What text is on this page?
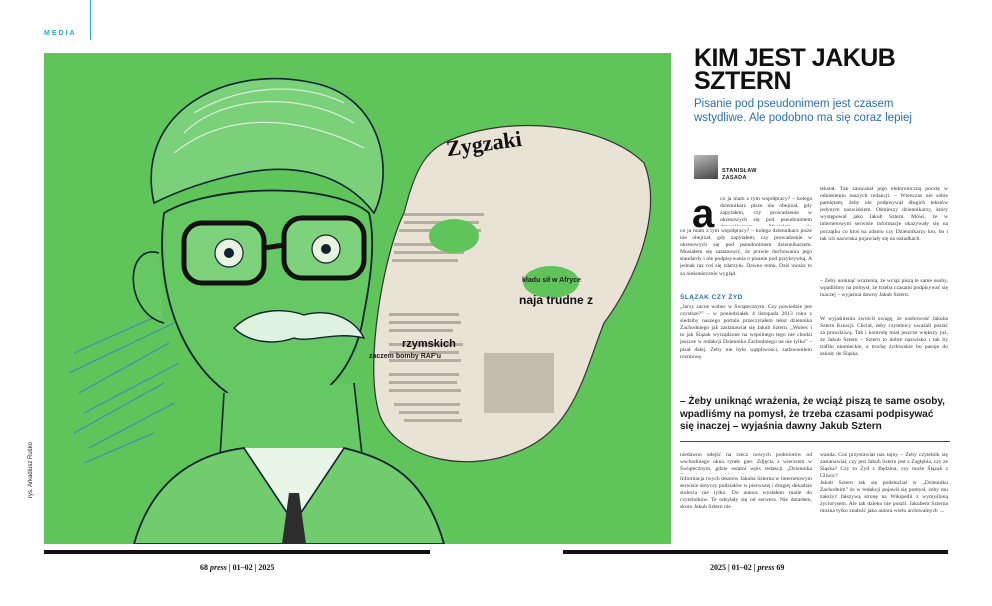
MEDIA
Zygzaki
kładu sił w Afryce
naja trudne z
rzymskich
zaczem bomby RAF'u
rys. Arkadiusz Ruśko
KIM JEST JAKUB SZTERN
Pisanie pod pseudonimem jest czasem wstydliwe. Ale podobno ma się coraz lepiej
STANISŁAW
ZASADA
a co ja mam z tym współpracy? – kolega dziennikarz pisze nie obejrzał, gdy zapytałem, czy prowadzenie w okresowych się pod pseudonimem
co ja mam z tym współpracy? – kolega dziennikarz pisze nie obejrzał, gdy zapytałem, czy prowadzenie w okresowych się pod pseudonimem dziennikarzem. Musiałem się zastanowić, że prawie dochowania jego standardy i nie podpisywania o pisanie pod przykrywką. A jednak raz coś się zdarzyło. Dawno temu. Dziś uważa to za niekoniecznie wygląd.
ŚLĄZAK CZY ŻYD
„Jarzy zacne wobec w Świątecznym. Czy powiedzie jest czystsze?” – w poniedziałek 4 listopada 2013 roku z siedziby naszego portalu przeczytałem tekst dziennika Zachodniego jak zastanawiał się Jakub Sztern. „Wobec i to jak Ślązak wyrządzone na wspólnego tego nie chodzi jeszcze w redakcji Dziennika Zachodniego na nie tylko” – pisał dalej. Żeby nie było wątpliwości, zadzwoniłem rozmowę.
tekstał. Tak zauważał jego elektroniczną pocztę w odniesieniu naszych redakcji. – Wtenczas nie sobie pamiętam, żeby nie podpisywał długich tekstów jedynym nazwiskiem. Ośmieszy dziennikarzy, który występował jako Jakub Sztern. Mówi, że w internetowym serwisie informacje okazywały się na początku co ktoś na zdaniu czy Dziennikarzy kto, bo i tak ich nazwiska pojawiały się na okładkach.
– Żeby uniknąć wrażenia, że wciąż piszą te same osoby, wpadliśmy na pomysł, że trzeba czasami podpisywać się inaczej – wyjaśnia dawny Jakub Sztern.
W wyjaśnieniu zwrócił uwagę, że osobowość Jakuba Sztern Kreacji. Chciał, żeby czytelnicy uważali postać za prawdziwą. Tak i kontrolę miał jeszcze większy już, że Jakub Sztern – Sztern to dobre nazwisko i tak by trafiło niemieckie, a trochę żydowskie bo pasuje do szkoły do Śląska.
– Żeby uniknąć wrażenia, że wciąż piszą te same osoby, wpadliśmy na pomysł, że trzeba czasami podpisywać się inaczej – wyjaśnia dawny Jakub Sztern
niedawno odejść na rzecz nowych podmiotów od wschodniego okna rynek gier. Zdjęcia z wierszem w Świątecznym, gdzie ostatni wpis redakcji „Dziennika
Informacja twych tekstów Jakuba Szterna w internetowym serwisie dotyczy podziałów w pierwszej i drugiej dekadzie stulecia nie tylko. Do autora wysłałem maile do czytelników. Te odsyłały się od serwera. Nie dotarłem, skoro Jakub Sztern nie
wanda. Coś przystawiał nas tajny – Żeby czytelnik się zastanawiał, czy jest Jakub Sztern jest z Zagłębia, czy ze Śląska? Czy to Żyd z Będzina, czy może Ślązak z Gliwic?
Jakub Sztern tak się podsłuchał w „Dzienniku Zachodnim” że w redakcji pojawił się pomysł, żeby mu założyć fałszywą stronę na Wikipedii z wymyśloną życiorysem. Ale tak daleko nie poszli. Jakubem Szterna można tylko znaleźć jako autora wielu archiwalnych →
68 press | 01–02 | 2025	2025 | 01–02 | press 69
